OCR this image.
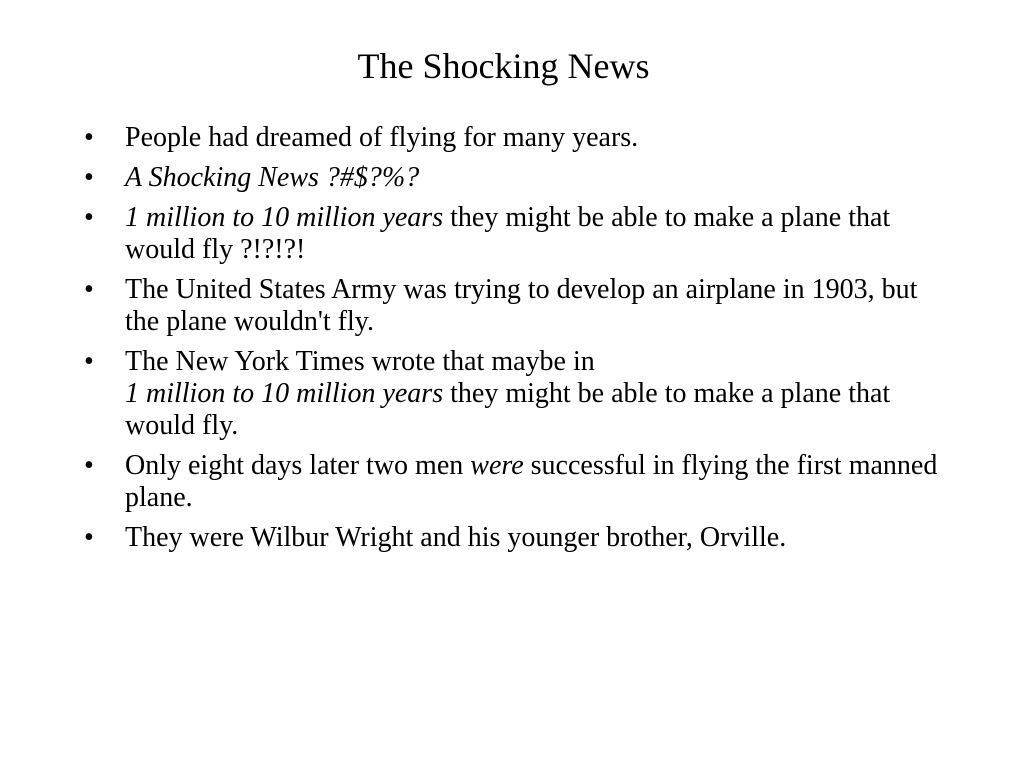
The Shocking News
•	People had dreamed of flying for many years.
•	A Shocking News ?#$?%?
•	1 million to 10 million years they might be able to make a plane that would fly ?!?!?!
•	The United States Army was trying to develop an airplane in 1903, but the plane wouldn't fly.
•	The New York Times wrote that maybe in
1 million to 10 million years they might be able to make a plane that would fly.
•	Only eight days later two men were successful in flying the first manned plane.
•	They were Wilbur Wright and his younger brother, Orville.
